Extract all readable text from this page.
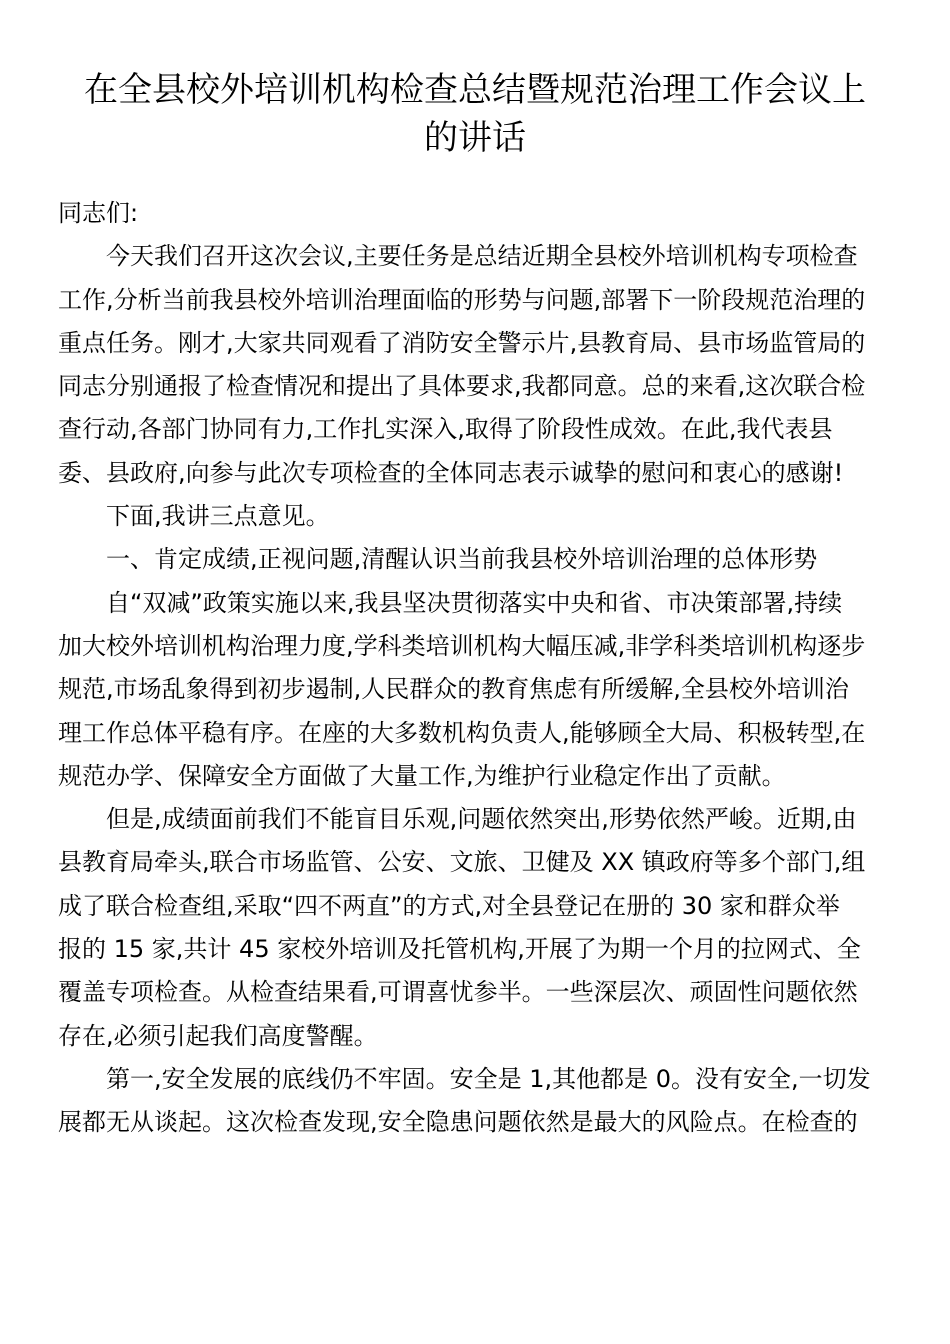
在全县校外培训机构检查总结暨规范治理工作会议上
的讲话

同志们:

今天我们召开这次会议,主要任务是总结近期全县校外培训机构专项检查
工作,分析当前我县校外培训治理面临的形势与问题,部署下一阶段规范治理的
重点任务。刚才,大家共同观看了消防安全警示片,县教育局、县市场监管局的
同志分别通报了检查情况和提出了具体要求,我都同意。总的来看,这次联合检
查行动,各部门协同有力,工作扎实深入,取得了阶段性成效。在此,我代表县
委、县政府,向参与此次专项检查的全体同志表示诚挚的慰问和衷心的感谢!

下面,我讲三点意见。

一、肯定成绩,正视问题,清醒认识当前我县校外培训治理的总体形势

自“双减”政策实施以来,我县坚决贯彻落实中央和省、市决策部署,持续
加大校外培训机构治理力度,学科类培训机构大幅压减,非学科类培训机构逐步
规范,市场乱象得到初步遏制,人民群众的教育焦虑有所缓解,全县校外培训治
理工作总体平稳有序。在座的大多数机构负责人,能够顾全大局、积极转型,在
规范办学、保障安全方面做了大量工作,为维护行业稳定作出了贡献。

但是,成绩面前我们不能盲目乐观,问题依然突出,形势依然严峻。近期,由
县教育局牵头,联合市场监管、公安、文旅、卫健及 XX 镇政府等多个部门,组
成了联合检查组,采取“四不两直”的方式,对全县登记在册的 30 家和群众举
报的 15 家,共计 45 家校外培训及托管机构,开展了为期一个月的拉网式、全
覆盖专项检查。从检查结果看,可谓喜忧参半。一些深层次、顽固性问题依然
存在,必须引起我们高度警醒。

第一,安全发展的底线仍不牢固。安全是 1,其他都是 0。没有安全,一切发
展都无从谈起。这次检查发现,安全隐患问题依然是最大的风险点。在检查的
